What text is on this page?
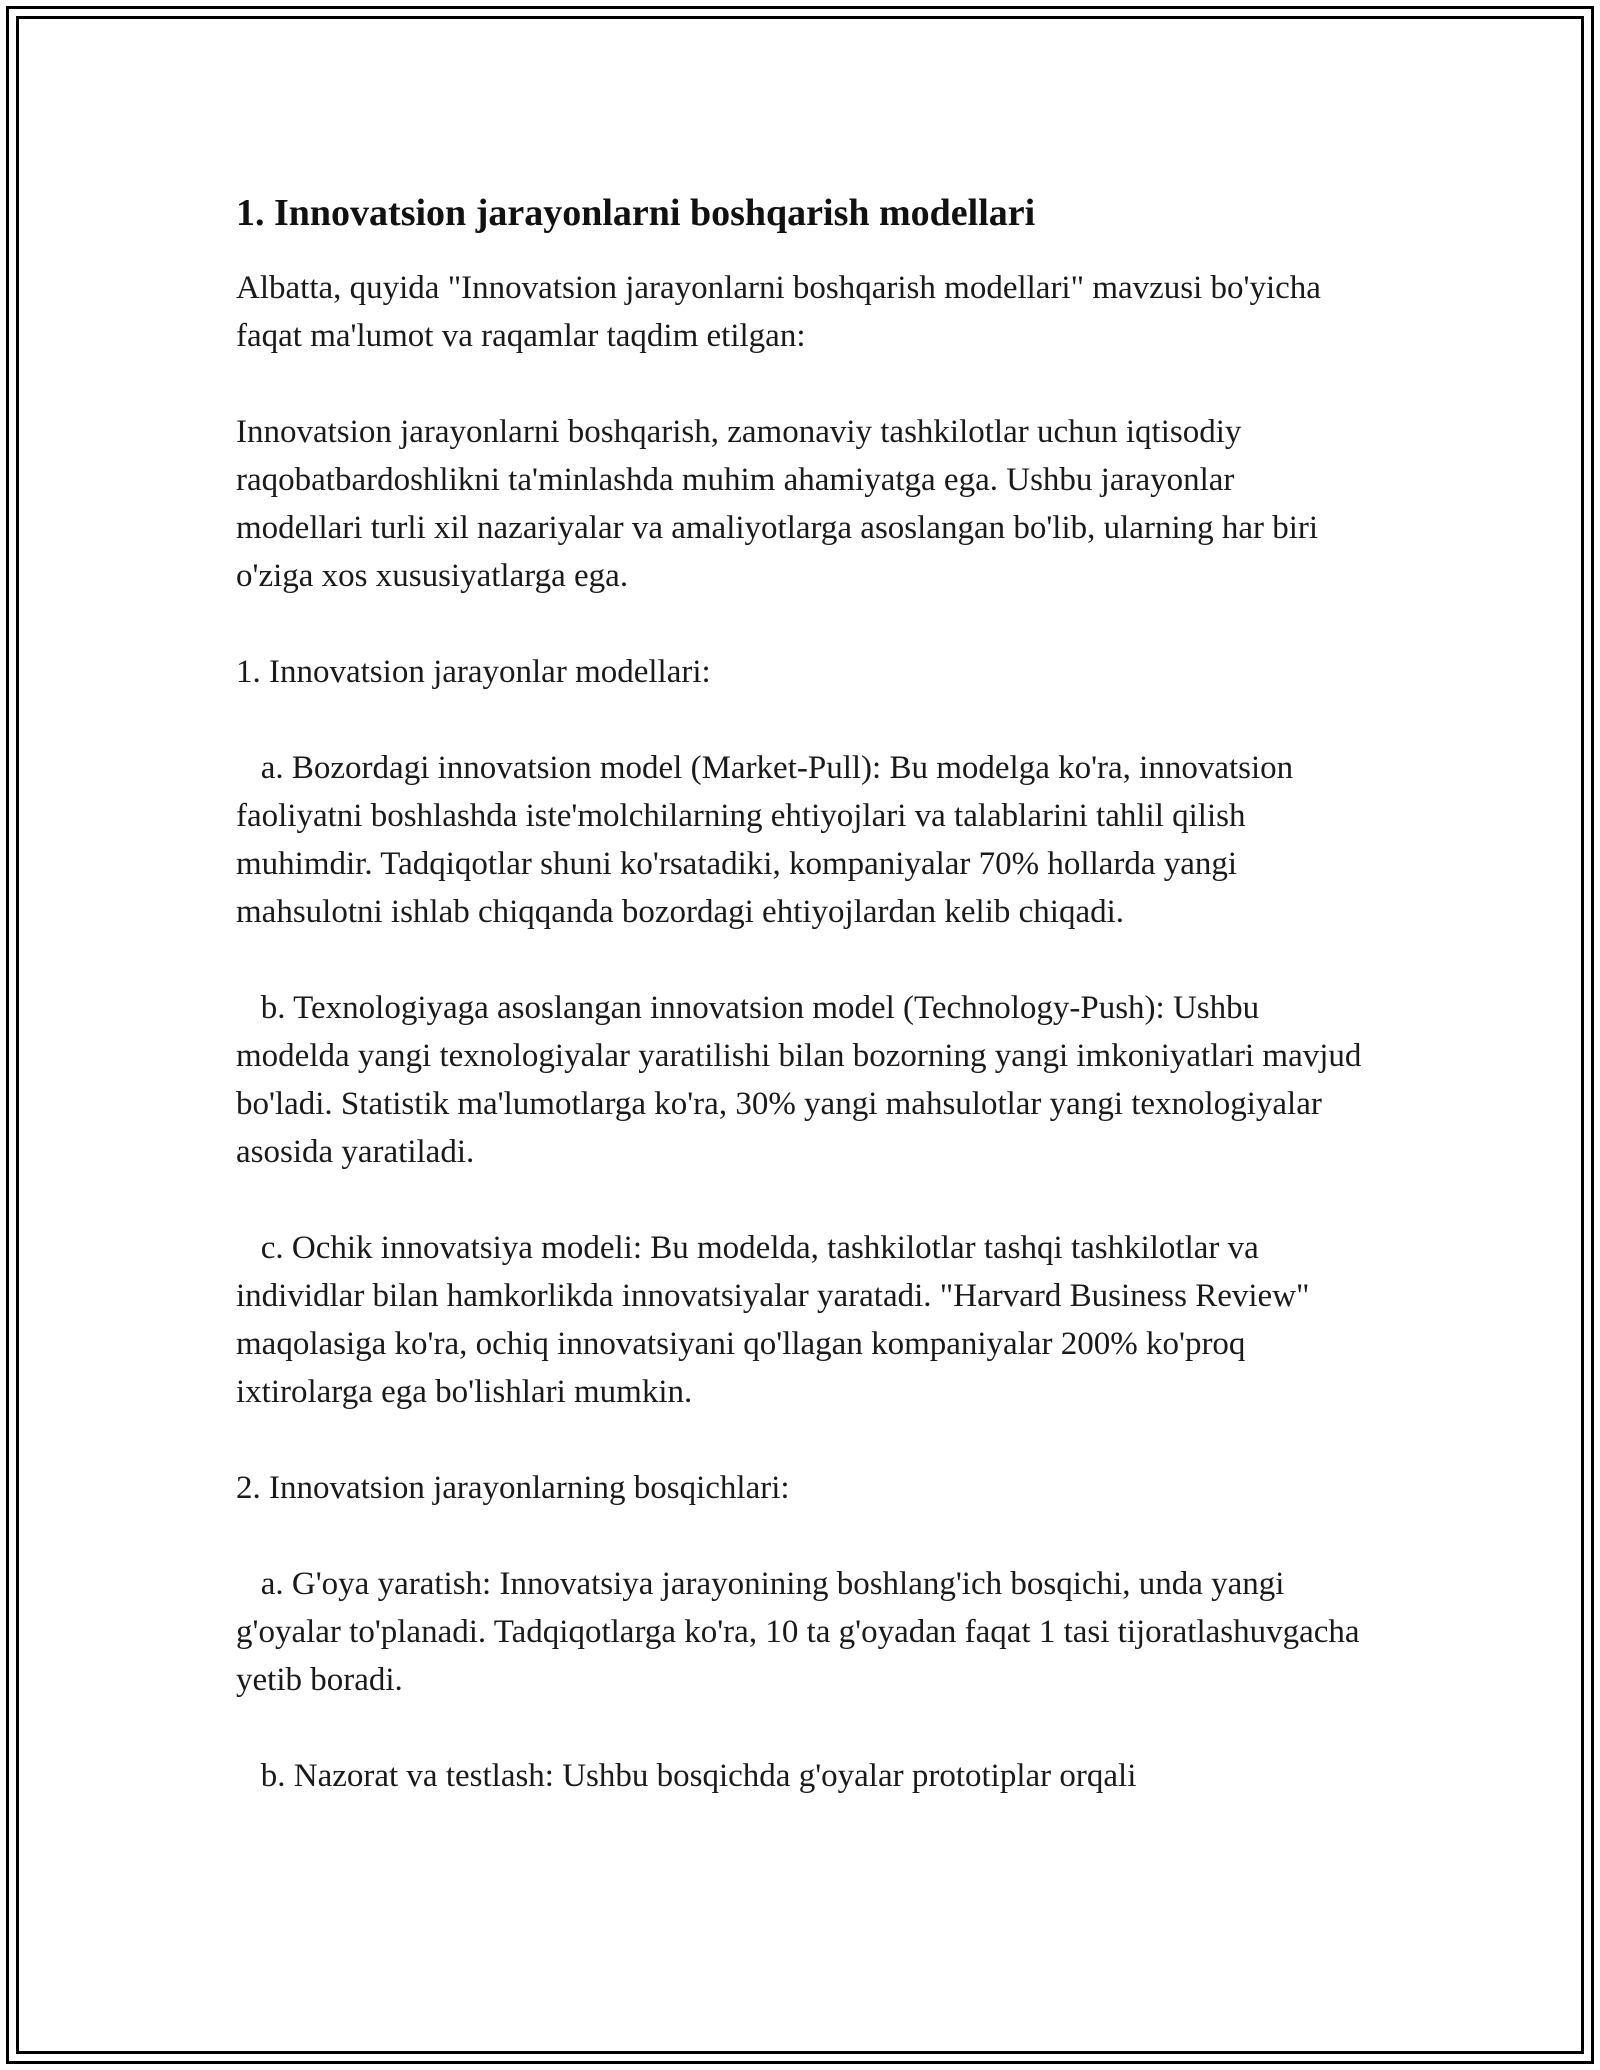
1. Innovatsion jarayonlarni boshqarish modellari

Albatta, quyida "Innovatsion jarayonlarni boshqarish modellari" mavzusi bo'yicha faqat ma'lumot va raqamlar taqdim etilgan:

Innovatsion jarayonlarni boshqarish, zamonaviy tashkilotlar uchun iqtisodiy raqobatbardoshlikni ta'minlashda muhim ahamiyatga ega. Ushbu jarayonlar modellari turli xil nazariyalar va amaliyotlarga asoslangan bo'lib, ularning har biri o'ziga xos xususiyatlarga ega.

1. Innovatsion jarayonlar modellari:

a. Bozordagi innovatsion model (Market-Pull): Bu modelga ko'ra, innovatsion faoliyatni boshlashda iste'molchilarning ehtiyojlari va talablarini tahlil qilish muhimdir. Tadqiqotlar shuni ko'rsatadiki, kompaniyalar 70% hollarda yangi mahsulotni ishlab chiqqanda bozordagi ehtiyojlardan kelib chiqadi.

b. Texnologiyaga asoslangan innovatsion model (Technology-Push): Ushbu modelda yangi texnologiyalar yaratilishi bilan bozorning yangi imkoniyatlari mavjud bo'ladi. Statistik ma'lumotlarga ko'ra, 30% yangi mahsulotlar yangi texnologiyalar asosida yaratiladi.

c. Ochik innovatsiya modeli: Bu modelda, tashkilotlar tashqi tashkilotlar va individlar bilan hamkorlikda innovatsiyalar yaratadi. "Harvard Business Review" maqolasiga ko'ra, ochiq innovatsiyani qo'llagan kompaniyalar 200% ko'proq ixtirolarga ega bo'lishlari mumkin.

2. Innovatsion jarayonlarning bosqichlari:

a. G'oya yaratish: Innovatsiya jarayonining boshlang'ich bosqichi, unda yangi g'oyalar to'planadi. Tadqiqotlarga ko'ra, 10 ta g'oyadan faqat 1 tasi tijoratlashuvgacha yetib boradi.

b. Nazorat va testlash: Ushbu bosqichda g'oyalar prototiplar orqali
